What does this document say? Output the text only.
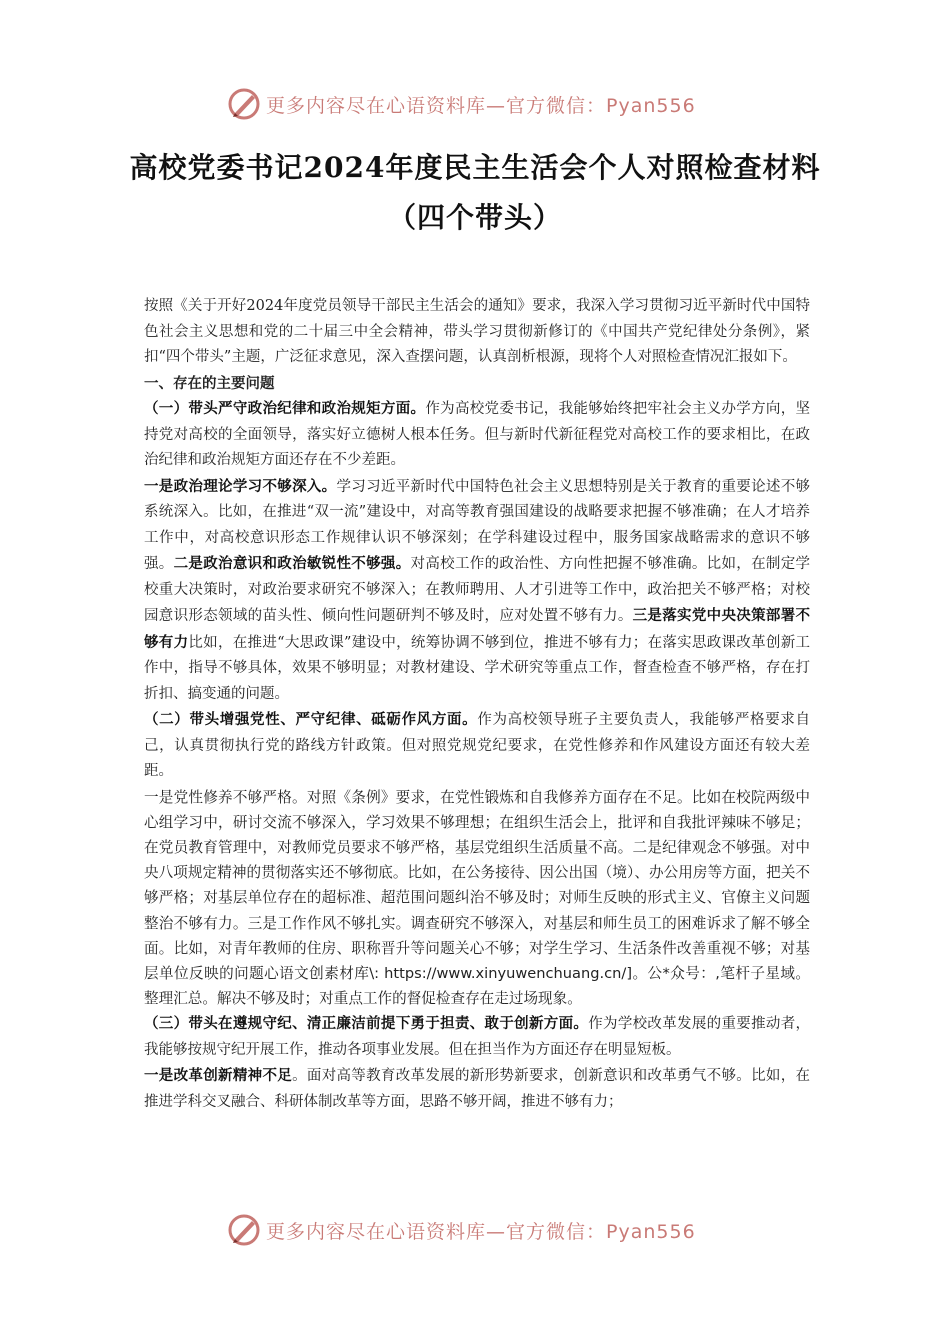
更多内容尽在心语资料库—官方微信：Pyan556
高校党委书记2024年度民主生活会个人对照检查材料（四个带头）

按照《关于开好2024年度党员领导干部民主生活会的通知》要求，我深入学习贯彻习近平新时代中国特色社会主义思想和党的二十届三中全会精神，带头学习贯彻新修订的《中国共产党纪律处分条例》，紧扣“四个带头”主题，广泛征求意见，深入查摆问题，认真剖析根源，现将个人对照检查情况汇报如下。

一、存在的主要问题

（一）带头严守政治纪律和政治规矩方面。作为高校党委书记，我能够始终把牢社会主义办学方向，坚持党对高校的全面领导，落实好立德树人根本任务。但与新时代新征程党对高校工作的要求相比，在政治纪律和政治规矩方面还存在不少差距。

一是政治理论学习不够深入。学习习近平新时代中国特色社会主义思想特别是关于教育的重要论述不够系统深入。比如，在推进“双一流”建设中，对高等教育强国建设的战略要求把握不够准确；在人才培养工作中，对高校意识形态工作规律认识不够深刻；在学科建设过程中，服务国家战略需求的意识不够强。二是政治意识和政治敏锐性不够强。对高校工作的政治性、方向性把握不够准确。比如，在制定学校重大决策时，对政治要求研究不够深入；在教师聘用、人才引进等工作中，政治把关不够严格；对校园意识形态领域的苗头性、倾向性问题研判不够及时，应对处置不够有力。三是落实党中央决策部署不够有力比如，在推进“大思政课”建设中，统筹协调不够到位，推进不够有力；在落实思政课改革创新工作中，指导不够具体，效果不够明显；对教材建设、学术研究等重点工作，督查检查不够严格，存在打折扣、搞变通的问题。

（二）带头增强党性、严守纪律、砥砺作风方面。作为高校领导班子主要负责人，我能够严格要求自己，认真贯彻执行党的路线方针政策。但对照党规党纪要求，在党性修养和作风建设方面还有较大差距。

一是党性修养不够严格。对照《条例》要求，在党性锻炼和自我修养方面存在不足。比如在校院两级中心组学习中，研讨交流不够深入，学习效果不够理想；在组织生活会上，批评和自我批评辣味不够足；在党员教育管理中，对教师党员要求不够严格，基层党组织生活质量不高。二是纪律观念不够强。对中央八项规定精神的贯彻落实还不够彻底。比如，在公务接待、因公出国（境）、办公用房等方面，把关不够严格；对基层单位存在的超标准、超范围问题纠治不够及时；对师生反映的形式主义、官僚主义问题整治不够有力。三是工作作风不够扎实。调查研究不够深入，对基层和师生员工的困难诉求了解不够全面。比如，对青年教师的住房、职称晋升等问题关心不够；对学生学习、生活条件改善重视不够；对基层单位反映的问题心语文创素材库\: https://www.xinyuwenchuang.cn/]。公*众号：,笔杆子星域。整理汇总。解决不够及时；对重点工作的督促检查存在走过场现象。

（三）带头在遵规守纪、清正廉洁前提下勇于担责、敢于创新方面。作为学校改革发展的重要推动者，我能够按规守纪开展工作，推动各项事业发展。但在担当作为方面还存在明显短板。

一是改革创新精神不足。面对高等教育改革发展的新形势新要求，创新意识和改革勇气不够。比如，在推进学科交叉融合、科研体制改革等方面，思路不够开阔，推进不够有力；

更多内容尽在心语资料库—官方微信：Pyan556
